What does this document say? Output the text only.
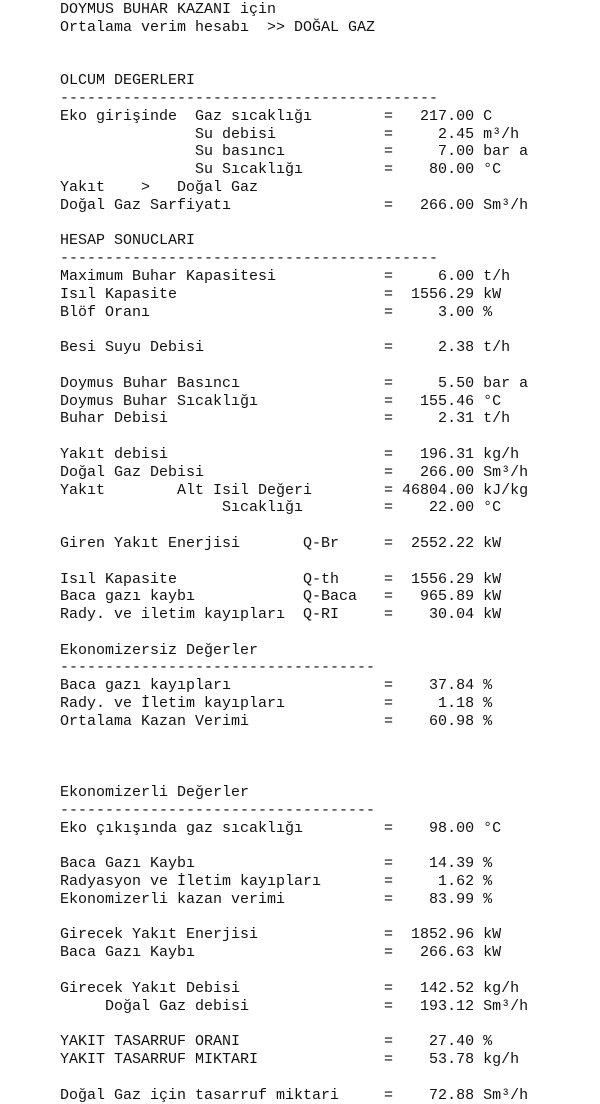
DOYMUS BUHAR KAZANI için
Ortalama verim hesabı  >> DOĞAL GAZ
OLCUM DEGERLERI
------------------------------------------
Eko girişinde  Gaz sıcaklığı        =   217.00 C
Su debisi            =     2.45 m³/h
Su basıncı           =     7.00 bar a
Su Sıcaklığı         =    80.00 °C
Yakıt    >   Doğal Gaz
Doğal Gaz Sarfiyatı                 =   266.00 Sm³/h
HESAP SONUCLARI
------------------------------------------
Maximum Buhar Kapasitesi            =     6.00 t/h
Isıl Kapasite                       =  1556.29 kW
Blöf Oranı                          =     3.00 %
Besi Suyu Debisi                    =     2.38 t/h
Doymus Buhar Basıncı                =     5.50 bar a
Doymus Buhar Sıcaklığı              =   155.46 °C
Buhar Debisi                        =     2.31 t/h
Yakıt debisi                        =   196.31 kg/h
Doğal Gaz Debisi                    =   266.00 Sm³/h
Yakıt        Alt Isil Değeri        = 46804.00 kJ/kg
Sıcaklığı         =    22.00 °C
Giren Yakıt Enerjisi       Q-Br     =  2552.22 kW
Isıl Kapasite              Q-th     =  1556.29 kW
Baca gazı kaybı            Q-Baca   =   965.89 kW
Rady. ve iletim kayıpları  Q-RI     =    30.04 kW
Ekonomizersiz Değerler
-----------------------------------
Baca gazı kayıpları                 =    37.84 %
Rady. ve İletim kayıpları           =     1.18 %
Ortalama Kazan Verimi               =    60.98 %
Ekonomizerli Değerler
-----------------------------------
Eko çıkışında gaz sıcaklığı         =    98.00 °C
Baca Gazı Kaybı                     =    14.39 %
Radyasyon ve İletim kayıpları       =     1.62 %
Ekonomizerli kazan verimi           =    83.99 %
Girecek Yakıt Enerjisi              =  1852.96 kW
Baca Gazı Kaybı                     =   266.63 kW
Girecek Yakıt Debisi                =   142.52 kg/h
Doğal Gaz debisi               =   193.12 Sm³/h
YAKIT TASARRUF ORANI                =    27.40 %
YAKIT TASARRUF MIKTARI              =    53.78 kg/h
Doğal Gaz için tasarruf miktari     =    72.88 Sm³/h
